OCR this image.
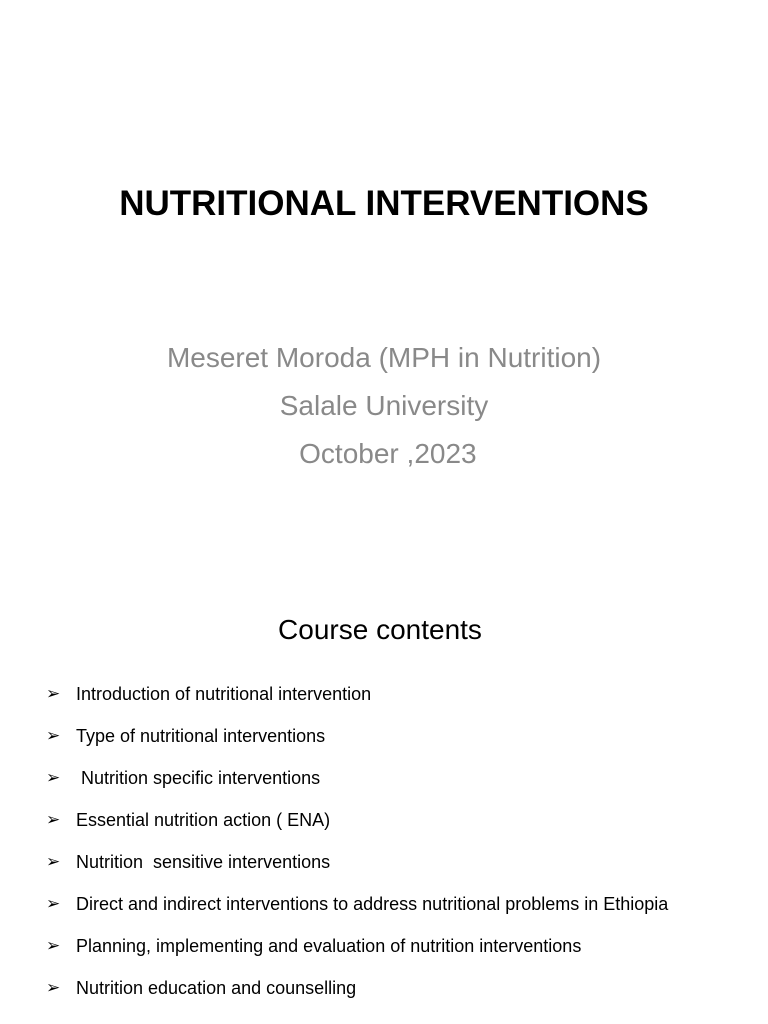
NUTRITIONAL INTERVENTIONS
Meseret Moroda (MPH in Nutrition)
Salale University
October ,2023
Course contents
➢ Introduction of nutritional intervention
➢ Type of nutritional interventions
➢ Nutrition specific interventions
➢ Essential nutrition action ( ENA)
➢ Nutrition  sensitive interventions
➢ Direct and indirect interventions to address nutritional problems in Ethiopia
➢ Planning, implementing and evaluation of nutrition interventions
➢ Nutrition education and counselling
